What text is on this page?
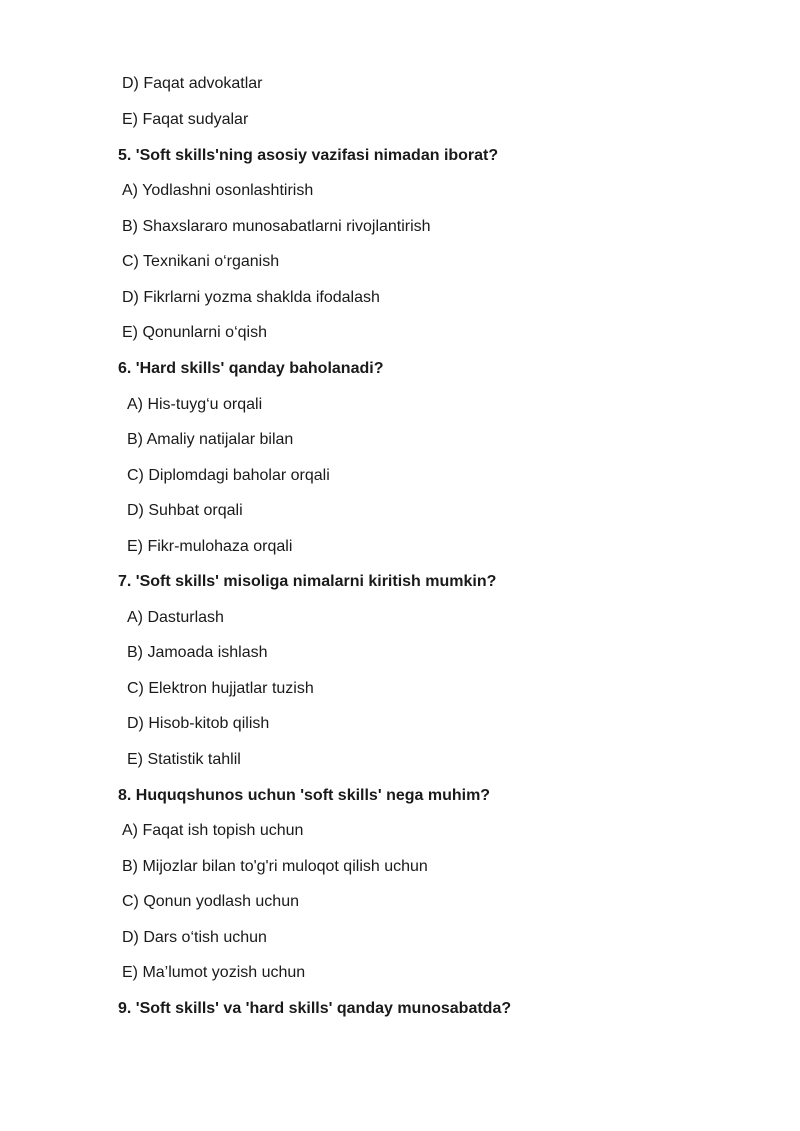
D) Faqat advokatlar
E) Faqat sudyalar
5. 'Soft skills'ning asosiy vazifasi nimadan iborat?
A) Yodlashni osonlashtirish
B) Shaxslararo munosabatlarni rivojlantirish
C) Texnikani o‘rganish
D) Fikrlarni yozma shaklda ifodalash
E) Qonunlarni o‘qish
6. 'Hard skills' qanday baholanadi?
A) His-tuyg‘u orqali
B) Amaliy natijalar bilan
C) Diplomdagi baholar orqali
D) Suhbat orqali
E) Fikr-mulohaza orqali
7. 'Soft skills' misoliga nimalarni kiritish mumkin?
A) Dasturlash
B) Jamoada ishlash
C) Elektron hujjatlar tuzish
D) Hisob-kitob qilish
E) Statistik tahlil
8. Huquqshunos uchun 'soft skills' nega muhim?
A) Faqat ish topish uchun
B) Mijozlar bilan to'g'ri muloqot qilish uchun
C) Qonun yodlash uchun
D) Dars o‘tish uchun
E) Ma’lumot yozish uchun
9. 'Soft skills' va 'hard skills' qanday munosabatda?
